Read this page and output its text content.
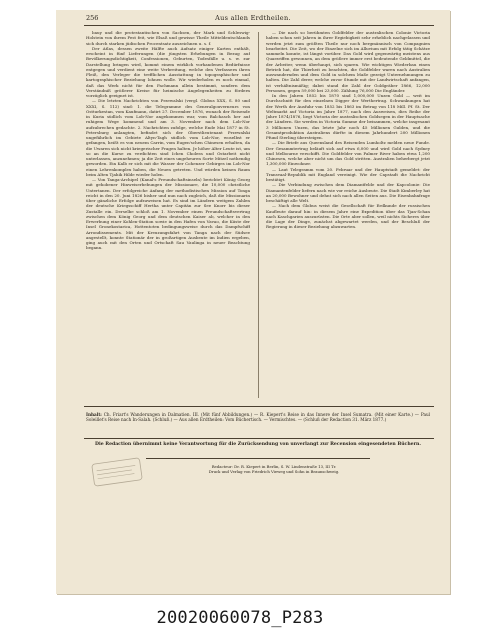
256	Aus allen Erdtheilen.

bauy und die protestantischen von Sachsen, der Mark und Schleswig-Holstein von ihrem Fest feit, wie Elsaß und gewisse Theile Mitteldeutschlands sich durch starken jüdischen Procentsatz auszeichnen u. s. f.

Der Atlas, dessen zweite Hälfte auch Aufsatz einiger Karten enthält, erscheint in fünf Lieferungen (die jüngsten Erhebungen in Bezug auf Bevölkerungsdichtigkeit, Confessionen, Geburten, Todesfälle u. s. w. zur Darstellung bringen wird, kommt einem wirklich vorhandenen Bedürfnisse entgegen und verdient eine weite Verbreitung, welche den Verfassern ihren Fleiß, den Verleger die trefflichen Ausstattung in topographischer und kartographischer Beziehung lohnen wolle. Wir wiederholen es noch einmal, daß das Werk nicht für den Fachmann allein bestimmt, sondern dem Verständniß größerer Kreise für heimische Angelegenheiten zu fördern vorzüglich geeignet ist.

— Die letzten Nachrichten von Przewalski (vergl. Globus XXX, S. 80 und XXXI, S. 112) sind: 1. die Telegramme des Generalgouverneurs von Ostturkestan, vom Kaufmann, datirt 27. December 1876, wonach der Reisende in Kuria südlich vom Lob-Nor angekommen war, vom Balchasch her auf ruhigem Wege kommend und am 3. November nach dem Lob-Nor aufzubrechen gedachte. 2. Nachrichten zufolge, welche Ende Mai 1877 in St. Petersburg anlangten, befindet sich der Oberstlieutenant Przewalski ungefährlich im Gebiete Altyn-Tagh südlich vom Lob-Nor, woselbst er gefangen, heißt es von neuem Carrin, vom Eugen'schen Chinesen erhalten, da die Uwaren sich nicht kriegerischer Fragen halten. Je höher Alter Leute ist, um so an die Kurse zu verdichten sind Ichen Cholera und Ostarbeit nicht unterlassen, anzunehmen; ja die Zeit eines ungeheuren Sorte Mitzel nothendig geworden. Ein Kalb er sich mit die Wasser der Cohenzer Gebirges im Lob-Nor einen Lehrenkomplex haben, die Neuen getreten. Und würden keinen Raum beim Alten Tjahik Hilde wieder holen.

— Von Tanga-Archipel (Kanal's Freundschaftsinseln) berichtet König Georg mit gehobener Hinweiserbebungen der Missionare, die 10,000 christliche Untertanen. Der erfolgreiche Anfang der methodistischen Mission auf Tonga reicht in den 20. Juni 1826 bisher und nun nach zugleich, daß die Missionarin über gänzliche Erfolge aufzuweisen hat. Es sind im Ländern weitgem Zahlen der deutsche Kriegsschiff Hertha unter Capitän zur See Knorr bis dieser Zustalle ein. Derselbe schloß am 1. November einen Freundschaftsvertrag zwischen dem König Georg und dem deutschen Kaiser ab, welcher in den Erwerbung einer Kohlen-Station sowie in den Hafen von Vavao, die Küste der Insel Gronekostarica, Hottentoten bedingungsweise durch das Dampfschiff Arrondissements. Mit der Kreuzungsfahrt von Tanga nach der Südsee angestellt, konnte Stationär der in großartigen Ausbeute im Indien ergeben, ging auch mit den Orten und Ortschaft Sau Vaulinga in neuer Beachtung begann.

— Die nach so berühmten Goldfelder der australischen Colonie Victoria haben schon seit Jahren in ihrer Ergiebigkeit sehr erheblich nachgelassen und werden jetzt zum größten Theile nur noch bergmännisch von Compagnien bearbeitet. Die Zeit, wo der Einzelne sich im Alluvium mit Erfolg tätig Schätze sammeln konnte, ist längst vorüber. Das Gold wird gegenwärtig meistens aus Quarzriffen gewonnen, an dem größere immer erst bedeutende Geldmittel, die der Arbeiter, wenn überhaupt, sich sparen. Wie wichtigen Wiederbau einen Betrieb hat, die Thierheit zu beachten, die Goldfelder waren nach Australien auswandernden und dem Gold in solchem Maße gezeigt Unternehmungen zu halten. Die Zahl derer, welche zuvor Stunde mit der Landwirtschaft anfangen, ist verhältnismäßig; dabei stand die Zahl der Goldgräber 1866, 12,000 Personen, gegen 59,000 bei 23,000. Zählung 76,000 Die Engländer.

In den Jahren 1852 bis 1870 sind 1,000,000 Unzen Gold — weit im Durchschnitt für den einzelnen Digger der Werthertrag. Schwankungen hat der Werth der Ausfuhr von 1852 bis 1863 im Betrag von 118 Mill. Pf. St. Der Weltmarkt auf Victoria im Jahre 1877, nach den Ausweisen, dies Reihe der Jahre 1874/1876, liegt Victoria der australischen Goldsegen in der Hauptsache der Ländern. Sie werden in Victoria Summe der beisammen, welche insgesamt 3 Millionen Unzen, das letzte Jahr noch 45 Millionen Gulden, und die Gesamtproduktion Australiens dürfte in diesem Jahrhundert 200 Millionen Pfund Sterling übersteigen.

— Die Briefe aus Queensland des Reisenden Lumholtz melden neue Funde. Der Gesammtertrag beläuft sich auf etwa 6,000 und wird Gold nach Sydney und Melbourne verschifft. Die Goldfelder von Palmer River haben etwa 1,200 Chinesen, welche aber nicht um das Gold stritten. Australien beherbergt jetzt 1,300,000 Einwohner.

— Laut Telegramm vom 20. Februar und der Hauptstadt gemeldet: der Transvaal-Republik mit England vereinigt. Wie der Capstadt die Nachricht bestätigt.

— Die Verbindung zwischen dem Diamantfelde und der Kapcolonie: Die Diamantenfelder liefern nach wie vor reiche Ausbeute. Die Stadt Kimberley hat an 20,000 Bewohner und dehnt sich nach allen Seiten aus. Die Eisenbahnfrage beschäftigt alle Welt.

— Nach dem Globus weist die Gesellschaft für Erdkunde der russischen Kaufleute darauf hin: in diesem Jahre eine Expedition über das Tjan-Schan nach Kaschgarien auszurüsten. Die Orte aber sollen, weil nichts Sicheres über die Lage der Dinge, zunächst abgewartet werden, und der Beschluß der Regierung in dieser Beziehung abzuwarten.

Inhalt: Ch. Friart's Wanderungen in Dalmatien. III. (Mit fünf Abbildungen.) — R. Kiepert's Reise in das Innere der Insel Sumatra. (Mit einer Karte.) — Paul Soleillet's Reise nach In-Salah. (Schluß.) — Aus allen Erdtheilen: Vom Büchertisch. — Vermischtes. — (Schluß der Redaction 31. März 1877.)
Die Redaction übernimmt keine Verantwortung für die Zurücksendung von unverlangt zur Recension eingesendeten Büchern.
Redacteur: Dr. R. Kiepert in Berlin, S. W. Lindenstraße 13, III Tr.
Druck und Verlag von Friedrich Vieweg und Sohn in Braunschweig.
20020060078_P283
